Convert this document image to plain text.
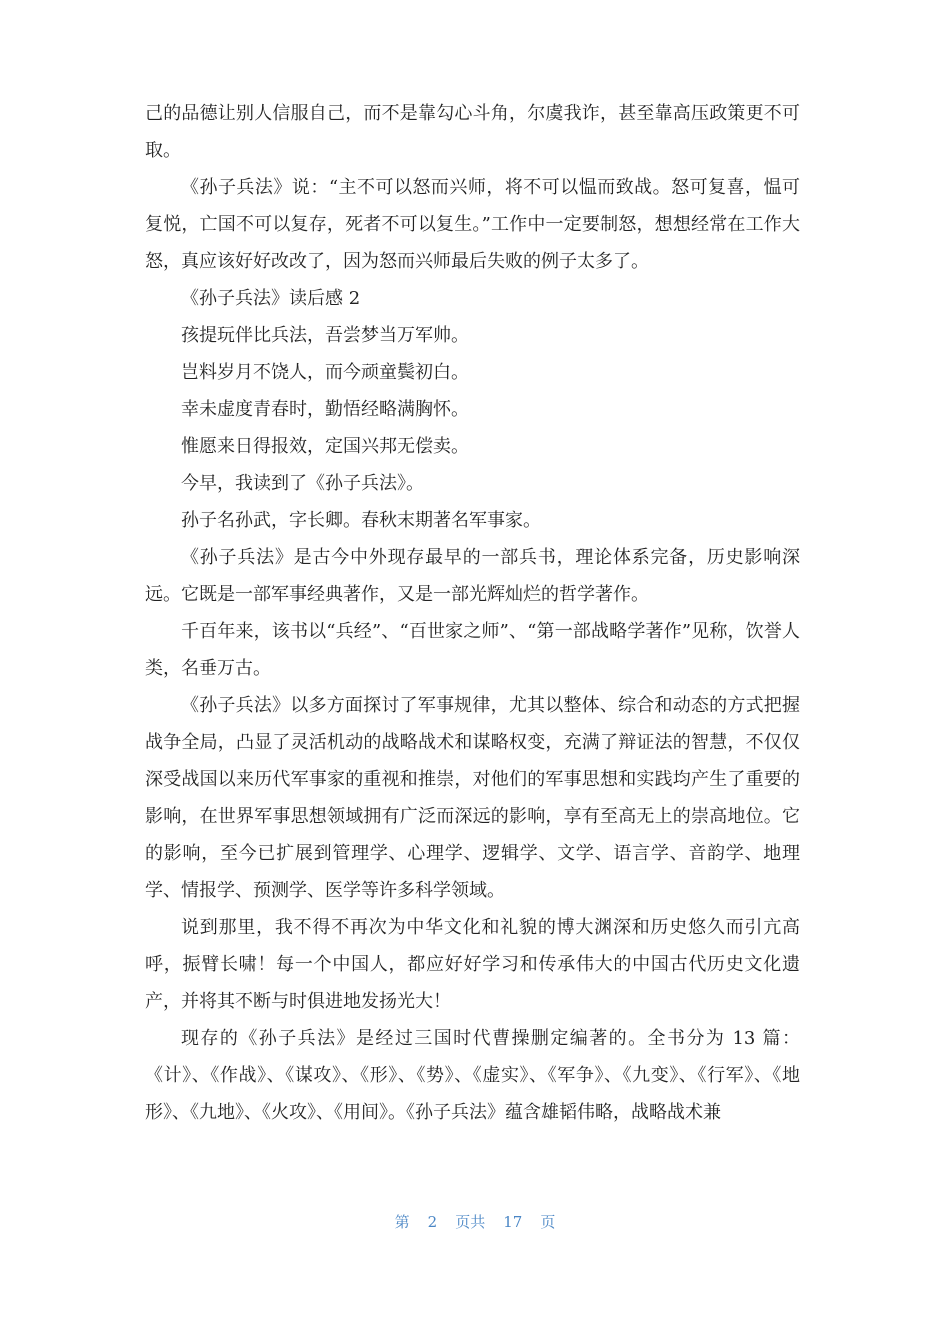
己的品德让别人信服自己，而不是靠勾心斗角，尔虞我诈，甚至靠高压政策更不可取。

《孙子兵法》说：“主不可以怒而兴师，将不可以愠而致战。怒可复喜，愠可复悦，亡国不可以复存，死者不可以复生。”工作中一定要制怒，想想经常在工作大怒，真应该好好改改了，因为怒而兴师最后失败的例子太多了。

《孙子兵法》读后感 2

孩提玩伴比兵法，吾尝梦当万军帅。

岂料岁月不饶人，而今顽童鬓初白。

幸未虚度青春时，勤悟经略满胸怀。

惟愿来日得报效，定国兴邦无偿卖。

今早，我读到了《孙子兵法》。

孙子名孙武，字长卿。春秋末期著名军事家。

《孙子兵法》是古今中外现存最早的一部兵书，理论体系完备，历史影响深远。它既是一部军事经典著作，又是一部光辉灿烂的哲学著作。

千百年来，该书以“兵经”、“百世家之师”、“第一部战略学著作”见称，饮誉人类，名垂万古。

《孙子兵法》以多方面探讨了军事规律，尤其以整体、综合和动态的方式把握战争全局，凸显了灵活机动的战略战术和谋略权变，充满了辩证法的智慧，不仅仅深受战国以来历代军事家的重视和推崇，对他们的军事思想和实践均产生了重要的影响，在世界军事思想领域拥有广泛而深远的影响，享有至高无上的崇高地位。它的影响，至今已扩展到管理学、心理学、逻辑学、文学、语言学、音韵学、地理学、情报学、预测学、医学等许多科学领域。

说到那里，我不得不再次为中华文化和礼貌的博大渊深和历史悠久而引亢高呼，振臂长啸！每一个中国人，都应好好学习和传承伟大的中国古代历史文化遗产，并将其不断与时俱进地发扬光大！

现存的《孙子兵法》是经过三国时代曹操删定编著的。全书分为 13 篇：《计》、《作战》、《谋攻》、《形》、《势》、《虚实》、《军争》、《九变》、《行军》、《地形》、《九地》、《火攻》、《用间》。《孙子兵法》蕴含雄韬伟略，战略战术兼

第 2 页共 17 页
